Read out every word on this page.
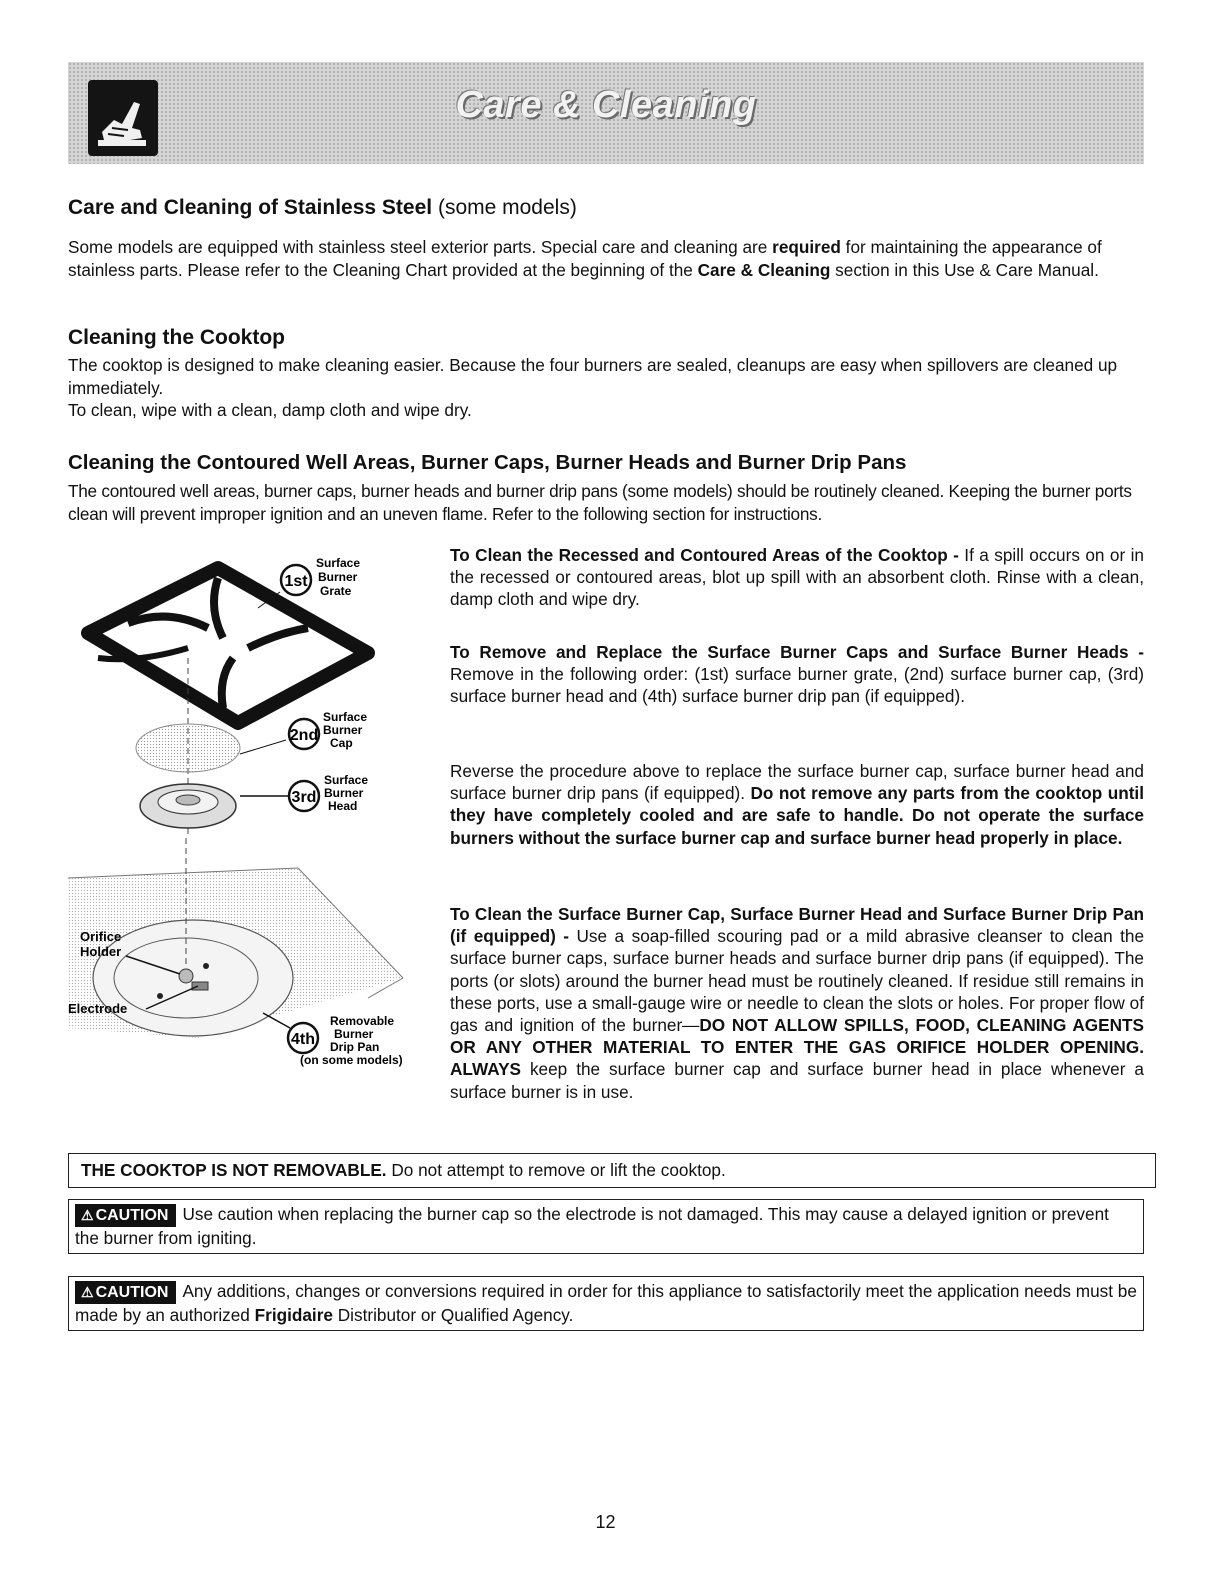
Care & Cleaning
Care and Cleaning of Stainless Steel (some models)

Some models are equipped with stainless steel exterior parts. Special care and cleaning are required for maintaining the appearance of stainless parts. Please refer to the Cleaning Chart provided at the beginning of the Care & Cleaning section in this Use & Care Manual.

Cleaning the Cooktop

The cooktop is designed to make cleaning easier. Because the four burners are sealed, cleanups are easy when spillovers are cleaned up immediately.

To clean, wipe with a clean, damp cloth and wipe dry.

Cleaning the Contoured Well Areas, Burner Caps, Burner Heads and Burner Drip Pans

The contoured well areas, burner caps, burner heads and burner drip pans (some models) should be routinely cleaned. Keeping the burner ports clean will prevent improper ignition and an uneven flame. Refer to the following section for instructions.

1st
Surface
Burner
Grate
2nd
Surface
Burner
Cap
3rd
Surface
Burner
Head
Orifice
Holder
Electrode
4th
Removable
Burner
Drip Pan
(on some models)

To Clean the Recessed and Contoured Areas of the Cooktop - If a spill occurs on or in the recessed or contoured areas, blot up spill with an absorbent cloth. Rinse with a clean, damp cloth and wipe dry.

To Remove and Replace the Surface Burner Caps and Surface Burner Heads - Remove in the following order: (1st) surface burner grate, (2nd) surface burner cap, (3rd) surface burner head and (4th) surface burner drip pan (if equipped).

Reverse the procedure above to replace the surface burner cap, surface burner head and surface burner drip pans (if equipped). Do not remove any parts from the cooktop until they have completely cooled and are safe to handle. Do not operate the surface burners without the surface burner cap and surface burner head properly in place.

To Clean the Surface Burner Cap, Surface Burner Head and Surface Burner Drip Pan (if equipped) - Use a soap-filled scouring pad or a mild abrasive cleanser to clean the surface burner caps, surface burner heads and surface burner drip pans (if equipped). The ports (or slots) around the burner head must be routinely cleaned. If residue still remains in these ports, use a small-gauge wire or needle to clean the slots or holes. For proper flow of gas and ignition of the burner—DO NOT ALLOW SPILLS, FOOD, CLEANING AGENTS OR ANY OTHER MATERIAL TO ENTER THE GAS ORIFICE HOLDER OPENING. ALWAYS keep the surface burner cap and surface burner head in place whenever a surface burner is in use.

THE COOKTOP IS NOT REMOVABLE. Do not attempt to remove or lift the cooktop.
⚠ CAUTION Use caution when replacing the burner cap so the electrode is not damaged. This may cause a delayed ignition or prevent the burner from igniting.
⚠ CAUTION Any additions, changes or conversions required in order for this appliance to satisfactorily meet the application needs must be made by an authorized Frigidaire Distributor or Qualified Agency.
12
